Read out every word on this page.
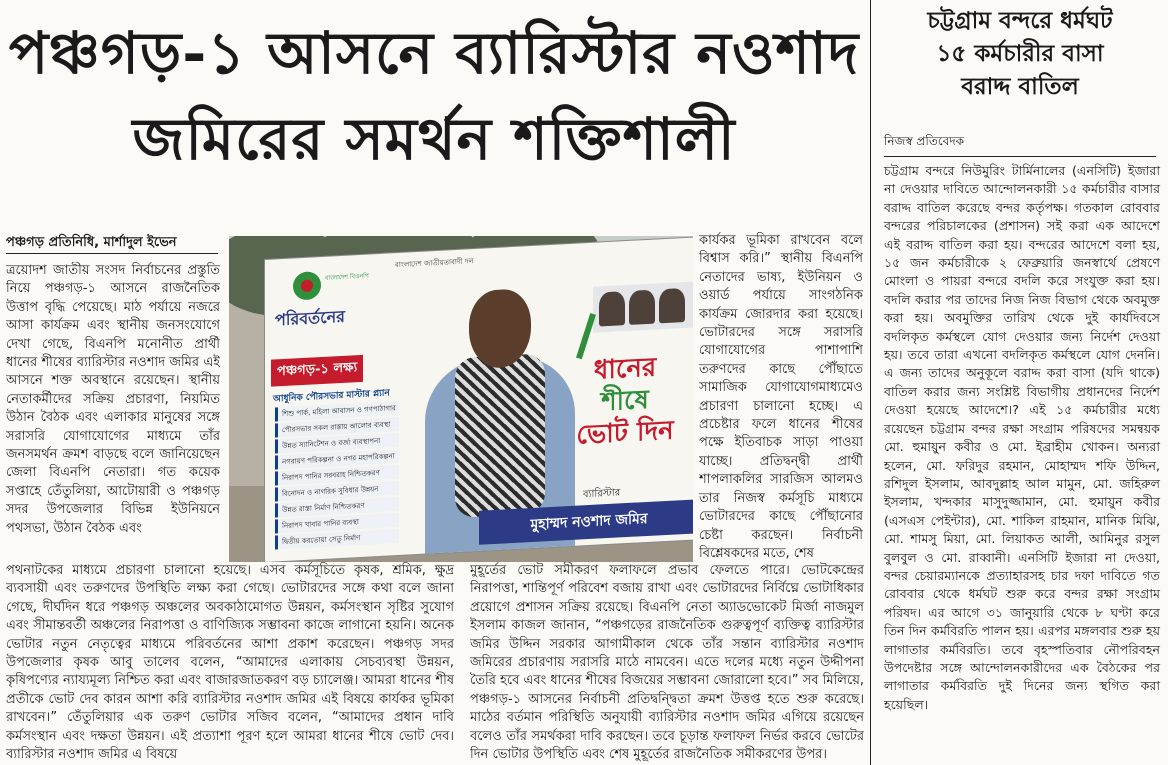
পঞ্চগড়-১ আসনে ব্যারিস্টার নওশাদ
জমিরের সমর্থন শক্তিশালী
চট্টগ্রাম বন্দরে ধর্মঘট
১৫ কর্মচারীর বাসা
বরাদ্দ বাতিল
নিজস্ব প্রতিবেদক

চট্টগ্রাম বন্দরে নিউমুরিং টার্মিনালের (এনসিটি) ইজারা না দেওয়ার দাবিতে আন্দোলনকারী ১৫ কর্মচারীর বাসার বরাদ্দ বাতিল করেছে বন্দর কর্তৃপক্ষ। গতকাল রোববার বন্দরের পরিচালকের (প্রশাসন) সই করা এক আদেশে এই বরাদ্দ বাতিল করা হয়। বন্দরের আদেশে বলা হয়, ১৫ জন কর্মচারীকে ২ ফেব্রুয়ারি জনস্বার্থে প্রেষণে মোংলা ও পায়রা বন্দরে বদলি করে সংযুক্ত করা হয়। বদলি করার পর তাদের নিজ নিজ বিভাগ থেকে অবমুক্ত করা হয়। অবমুক্তির তারিখ থেকে দুই কার্যদিবসে বদলিকৃত কর্মস্থলে যোগ দেওয়ার জন্য নির্দেশ দেওয়া হয়। তবে তারা এখনো বদলিকৃত কর্মস্থলে যোগ দেননি। এ জন্য তাদের অনুকূলে বরাদ্দ করা বাসা (যদি থাকে) বাতিল করার জন্য সংশ্লিষ্ট বিভাগীয় প্রধানদের নির্দেশ দেওয়া হয়েছে আদেশে।? এই ১৫ কর্মচারীর মধ্যে রয়েছেন চট্টগ্রাম বন্দর রক্ষা সংগ্রাম পরিষদের সমন্বয়ক মো. হুমায়ুন কবীর ও মো. ইব্রাহীম খোকন। অন্যরা হলেন, মো. ফরিদুর রহমান, মোহাম্মদ শফি উদ্দিন, রশিদুল ইসলাম, আবদুল্লাহ আল মামুন, মো. জহিরুল ইসলাম, খন্দকার মাসুদুজ্জামান, মো. হুমায়ুন কবীর (এসএস পেইন্টার), মো. শাকিল রাহমান, মানিক মিঝি, মো. শামসু মিয়া, মো. লিয়াকত আলী, আমিনুর রসুল বুলবুল ও মো. রাব্বানী। এনসিটি ইজারা না দেওয়া, বন্দর চেয়ারম্যানকে প্রত্যাহারসহ চার দফা দাবিতে গত রোববার থেকে ধর্মঘট শুরু করে বন্দর রক্ষা সংগ্রাম পরিষদ। এর আগে ৩১ জানুয়ারি থেকে ৮ ঘণ্টা করে তিন দিন কর্মবিরতি পালন হয়। এরপর মঙ্গলবার শুরু হয় লাগাতার কর্মবিরতি। তবে বৃহস্পতিবার নৌপরিবহন উপদেষ্টার সঙ্গে আন্দোলনকারীদের এক বৈঠকের পর লাগাতার কর্মবিরতি দুই দিনের জন্য স্থগিত করা হয়েছিল।

পঞ্চগড় প্রতিনিধি, মার্শাদুল ইভেন

ত্রয়োদশ জাতীয় সংসদ নির্বাচনের প্রস্তুতি নিয়ে পঞ্চগড়-১ আসনে রাজনৈতিক উত্তাপ বৃদ্ধি পেয়েছে। মাঠ পর্যায়ে নজরে আসা কার্যক্রম এবং স্থানীয় জনসংযোগে দেখা গেছে, বিএনপি মনোনীত প্রার্থী ধানের শীষের ব্যারিস্টার নওশাদ জমির এই আসনে শক্ত অবস্থানে রয়েছেন। স্থানীয় নেতাকর্মীদের সক্রিয় প্রচারণা, নিয়মিত উঠান বৈঠক এবং এলাকার মানুষের সঙ্গে সরাসরি যোগাযোগের মাধ্যমে তাঁর জনসমর্থন ক্রমশ বাড়ছে বলে জানিয়েছেন জেলা বিএনপি নেতারা। গত কয়েক সপ্তাহে তেঁতুলিয়া, আটোয়ারী ও পঞ্চগড় সদর উপজেলার বিভিন্ন ইউনিয়নে পথসভা, উঠান বৈঠক এবং

কার্যকর ভূমিকা রাখবেন বলে বিশ্বাস করি।” স্থানীয় বিএনপি নেতাদের ভাষ্য, ইউনিয়ন ও ওয়ার্ড পর্যায়ে সাংগঠনিক কার্যক্রম জোরদার করা হয়েছে। ভোটারদের সঙ্গে সরাসরি যোগাযোগের পাশাপাশি তরুণদের কাছে পৌঁছাতে সামাজিক যোগাযোগমাধ্যমেও প্রচারণা চালানো হচ্ছে। এ প্রচেষ্টার ফলে ধানের শীষের পক্ষে ইতিবাচক সাড়া পাওয়া যাচ্ছে। প্রতিদ্বন্দ্বী প্রার্থী শাপলাকলির সারজিস আলমও তার নিজস্ব কর্মসূচি মাধ্যমে ভোটারদের কাছে পৌঁছানোর চেষ্টা করছেন। নির্বাচনী বিশ্লেষকদের মতে, শেষ

পথনাটকের মাধ্যমে প্রচারণা চালানো হয়েছে। এসব কর্মসূচিতে কৃষক, শ্রমিক, ক্ষুদ্র ব্যবসায়ী এবং তরুণদের উপস্থিতি লক্ষ্য করা গেছে। ভোটারদের সঙ্গে কথা বলে জানা গেছে, দীর্ঘদিন ধরে পঞ্চগড় অঞ্চলের অবকাঠামোগত উন্নয়ন, কর্মসংস্থান সৃষ্টির সুযোগ এবং সীমান্তবর্তী অঞ্চলের নিরাপত্তা ও বাণিজ্যিক সম্ভাবনা কাজে লাগানো হয়নি। অনেক ভোটার নতুন নেতৃত্বের মাধ্যমে পরিবর্তনের আশা প্রকাশ করেছেন। পঞ্চগড় সদর উপজেলার কৃষক আবু তালেব বলেন, “আমাদের এলাকায় সেচব্যবস্থা উন্নয়ন, কৃষিপণ্যের ন্যায্যমূল্য নিশ্চিত করা এবং বাজারজাতকরণ বড় চ্যালেঞ্জ। আমরা ধানের শীষ প্রতীকে ভোট দেব কারন আশা করি ব্যারিস্টার নওশাদ জমির এই বিষয়ে কার্যকর ভূমিকা রাখবেন।” তেঁতুলিয়ার এক তরুণ ভোটার সজিব বলেন, “আমাদের প্রধান দাবি কর্মসংস্থান এবং দক্ষতা উন্নয়ন। এই প্রত্যাশা পূরণ হলে আমরা ধানের শীষে ভোট দেব। ব্যারিস্টার নওশাদ জমির এ বিষয়ে

মুহূর্তের ভোট সমীকরণ ফলাফলে প্রভাব ফেলতে পারে। ভোটকেন্দ্রের নিরাপত্তা, শান্তিপূর্ণ পরিবেশ বজায় রাখা এবং ভোটারদের নির্বিঘ্নে ভোটাধিকার প্রয়োগে প্রশাসন সক্রিয় রয়েছে। বিএনপি নেতা অ্যাডভোকেট মির্জা নাজমুল ইসলাম কাজল জানান, “পঞ্চগড়ের রাজনৈতিক গুরুত্বপূর্ণ ব্যক্তিত্ব ব্যারিস্টার জমির উদ্দিন সরকার আগামীকাল থেকে তাঁর সন্তান ব্যারিস্টার নওশাদ জমিরের প্রচারণায় সরাসরি মাঠে নামবেন। এতে দলের মধ্যে নতুন উদ্দীপনা তৈরি হবে এবং ধানের শীষের বিজয়ের সম্ভাবনা জোরালো হবে।” সব মিলিয়ে, পঞ্চগড়-১ আসনের নির্বাচনী প্রতিদ্বন্দ্বিতা ক্রমশ উত্তপ্ত হতে শুরু করেছে। মাঠের বর্তমান পরিস্থিতি অনুযায়ী ব্যারিস্টার নওশাদ জমির এগিয়ে রয়েছেন বলেও তাঁর সমর্থকরা দাবি করছেন। তবে চূড়ান্ত ফলাফল নির্ভর করবে ভোটের দিন ভোটার উপস্থিতি এবং শেষ মুহূর্তের রাজনৈতিক সমীকরণের উপর।

বাংলাদেশ বিএনপি
বাংলাদেশ জাতীয়তাবাদী দল
পরিবর্তনের
পঞ্চগড়-১ লক্ষ্য
আধুনিক পৌরসভার মাস্টার প্ল্যান
শিশু পার্ক, মহিলা আবাসন ও গণপাঠাগার
পৌরসভার সকল রাস্তায় আলোর ব্যবস্থা
উন্নত স্যানিটেশন ও বর্জ্য ব্যবস্থাপনা
নগরায়ণ পরিকল্পনা ও নগর মহাপরিকল্পনা
নিরাপদ পানির সরবরাহ নিশ্চিতকরণ
বিনোদন ও নাগরিক সুবিধার উন্নয়ন
উন্নত রাস্তা নির্মাণ নিশ্চিতকরণ
নিরাপদ খাবার পানির ব্যবস্থা
দ্বিতীয় করতোয়া সেতু নির্মাণ
ধানের
শীষে
ভোট দিন
ব্যারিস্টার
মুহাম্মদ নওশাদ জমির
